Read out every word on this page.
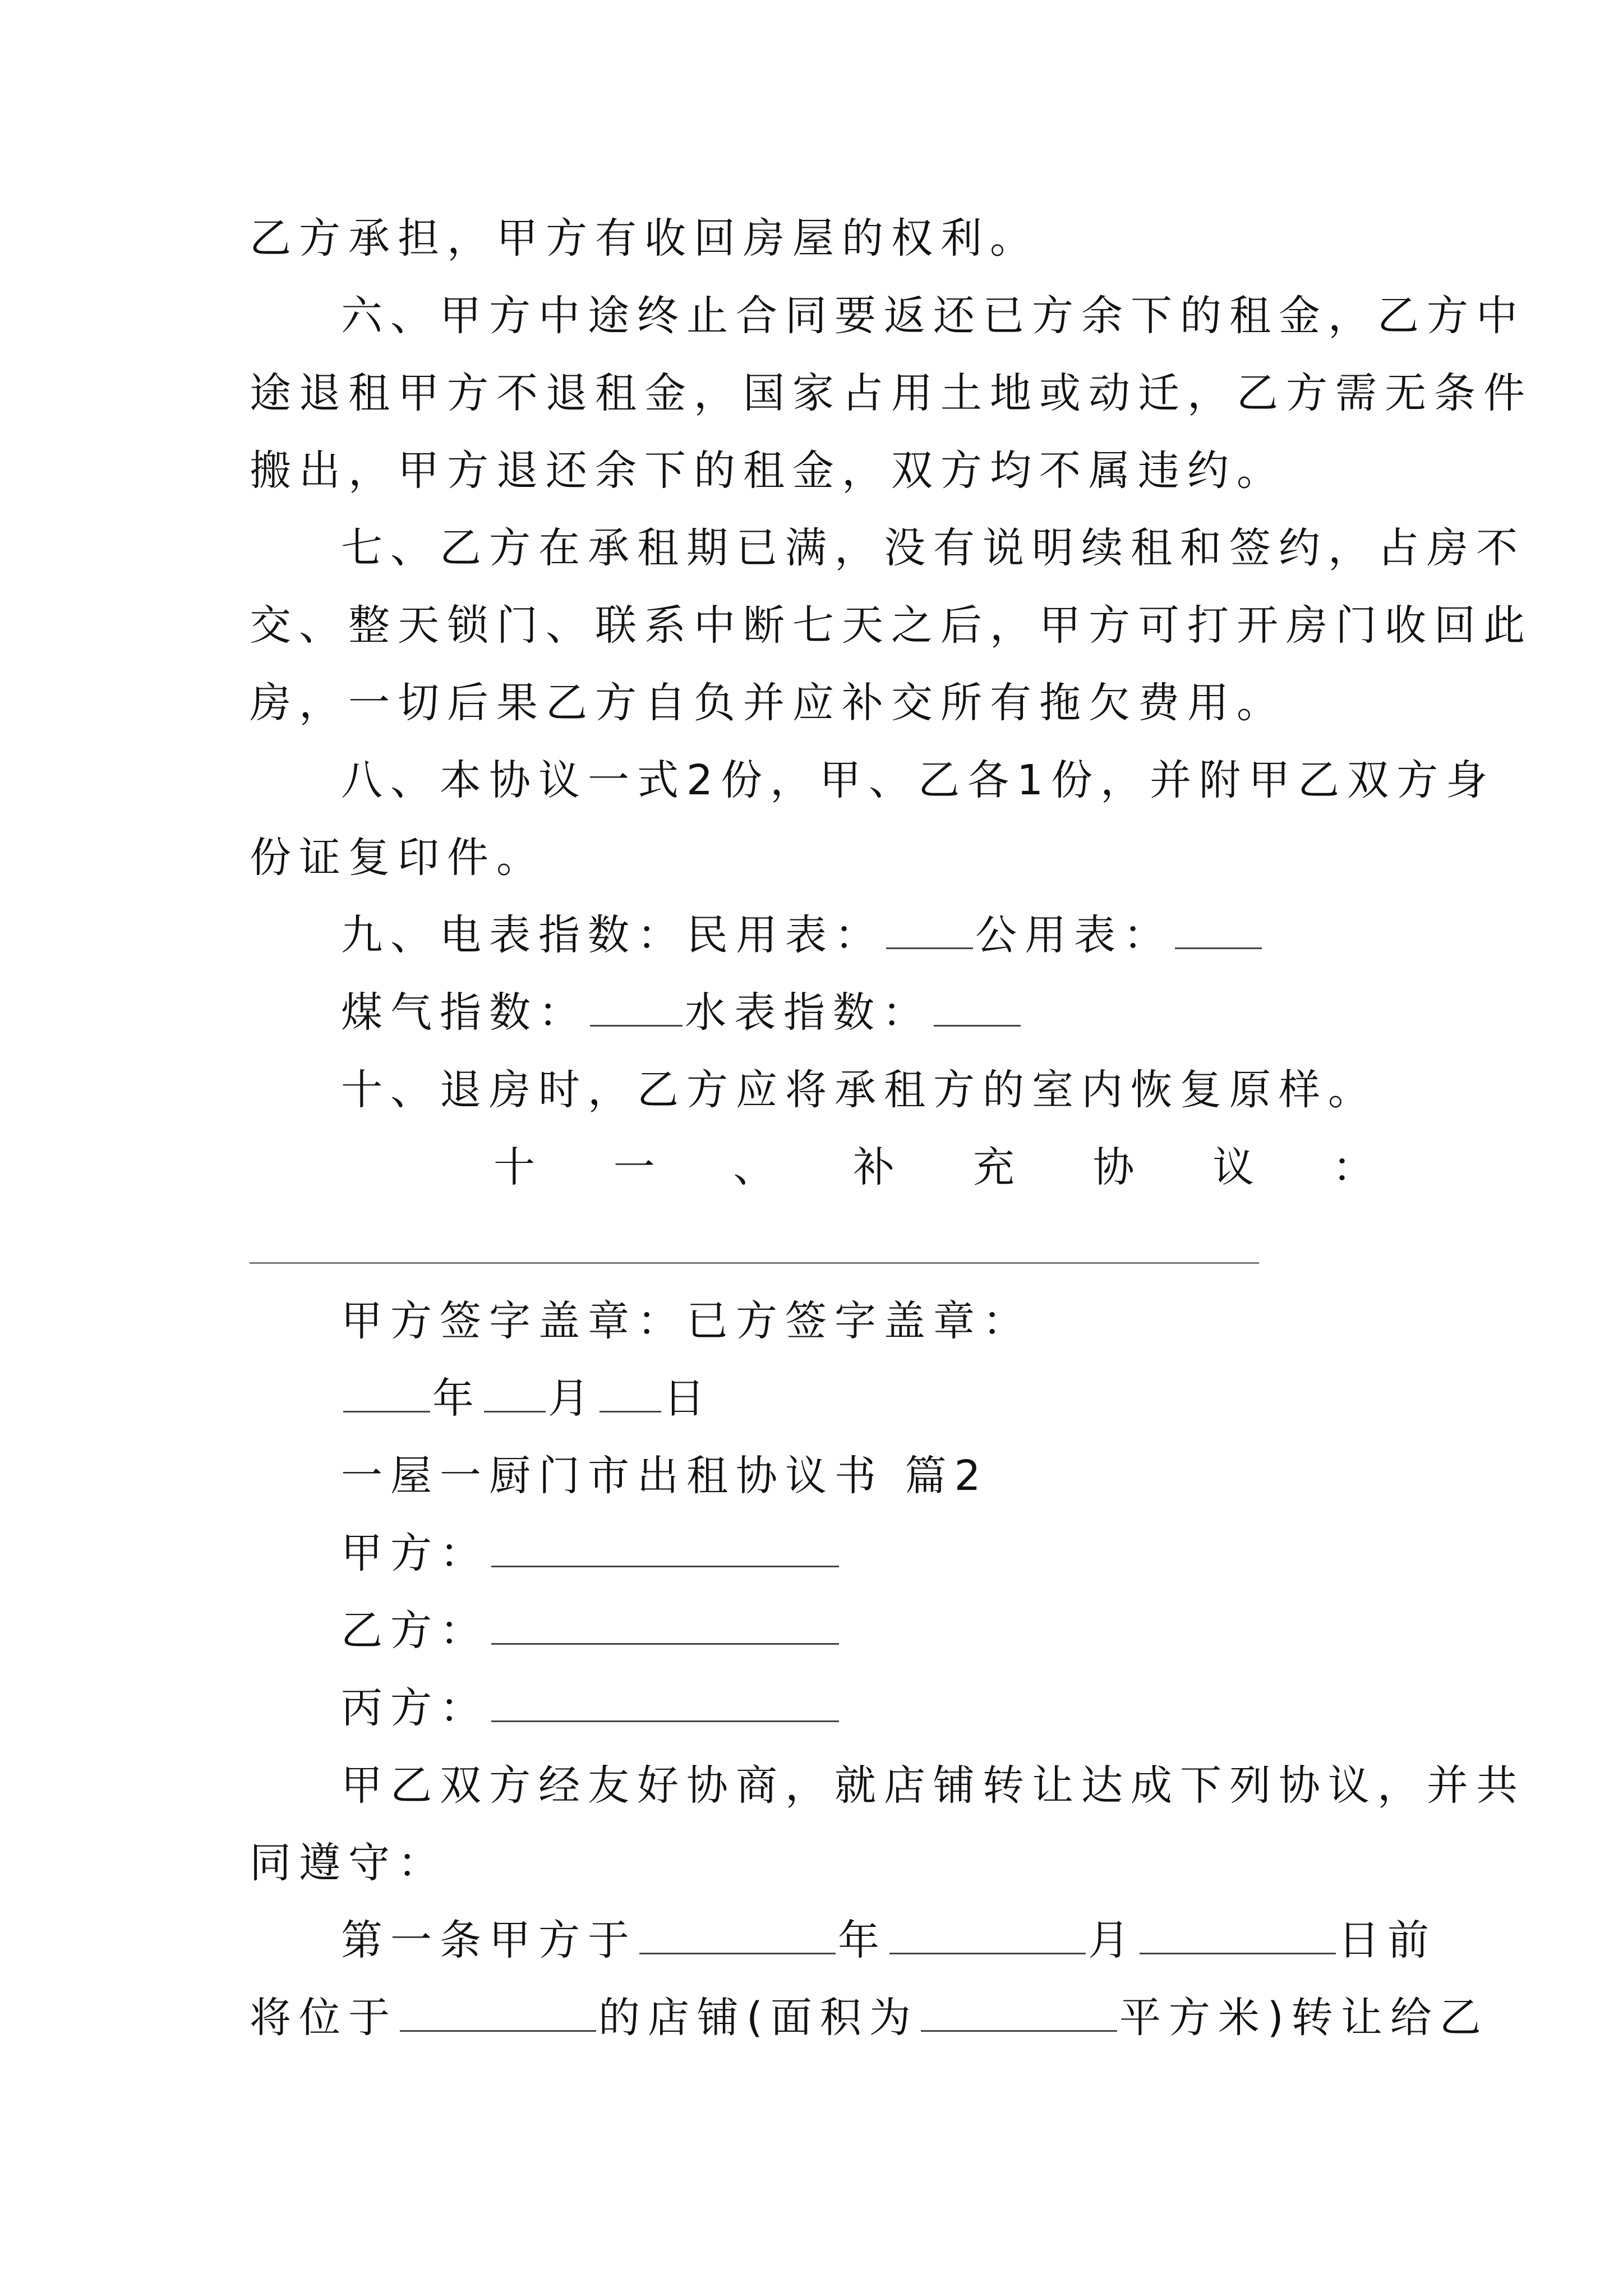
乙方承担，甲方有收回房屋的权利。
六、甲方中途终止合同要返还已方余下的租金，乙方中
途退租甲方不退租金，国家占用土地或动迁，乙方需无条件
搬出，甲方退还余下的租金，双方均不属违约。
七、乙方在承租期已满，没有说明续租和签约，占房不
交、整天锁门、联系中断七天之后，甲方可打开房门收回此
房，一切后果乙方自负并应补交所有拖欠费用。
八、本协议一式2份，甲、乙各1份，并附甲乙双方身
份证复印件。
九、电表指数：民用表： 公用表：
煤气指数： 水表指数：
十、退房时，乙方应将承租方的室内恢复原样。
十 一 、 补 充 协 议 ：
甲方签字盖章：已方签字盖章：
年 月 日
一屋一厨门市出租协议书 篇2
甲方：
乙方：
丙方：
甲乙双方经友好协商，就店铺转让达成下列协议，并共
同遵守：
第一条甲方于	年	月	日前
将位于	的店铺(面积为	平方米)转让给乙
